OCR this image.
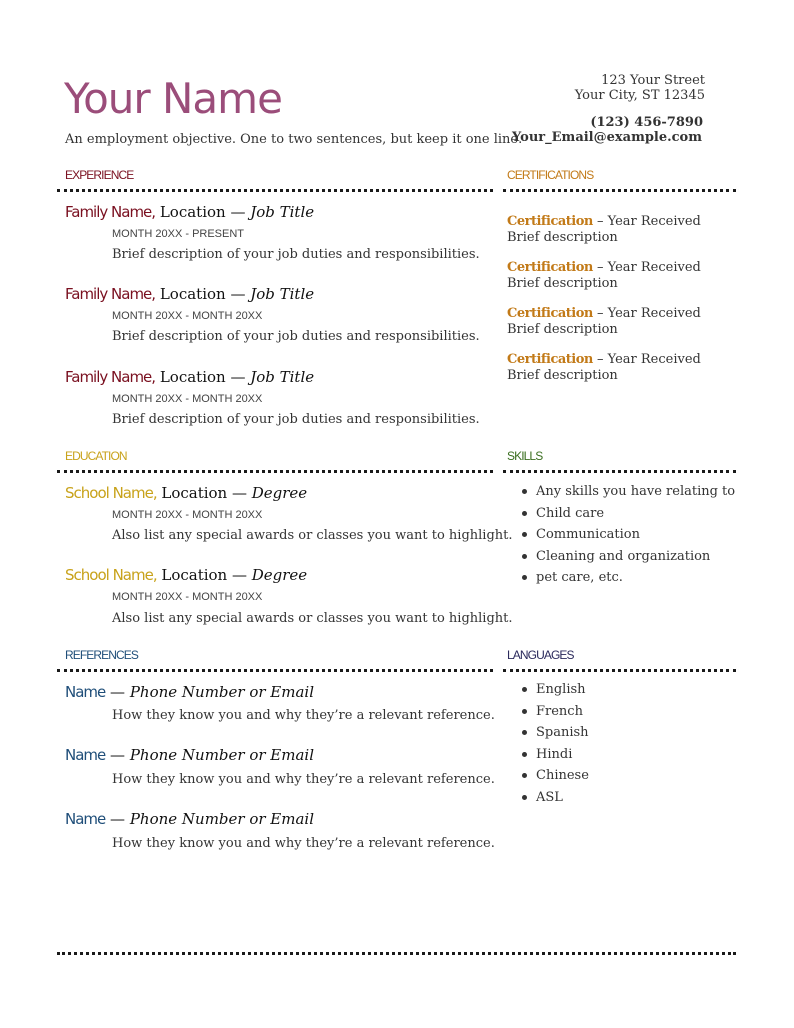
Your Name
An employment objective. One to two sentences, but keep it one line.
123 Your Street
Your City, ST 12345
(123) 456-7890
Your_Email@example.com
EXPERIENCE
Family Name, Location — Job Title
MONTH 20XX - PRESENT
Brief description of your job duties and responsibilities.
Family Name, Location — Job Title
MONTH 20XX - MONTH 20XX
Brief description of your job duties and responsibilities.
Family Name, Location — Job Title
MONTH 20XX - MONTH 20XX
Brief description of your job duties and responsibilities.
CERTIFICATIONS
Certification – Year Received
Brief description
Certification – Year Received
Brief description
Certification – Year Received
Brief description
Certification – Year Received
Brief description
EDUCATION
School Name, Location — Degree
MONTH 20XX - MONTH 20XX
Also list any special awards or classes you want to highlight.
School Name, Location — Degree
MONTH 20XX - MONTH 20XX
Also list any special awards or classes you want to highlight.
SKILLS
Any skills you have relating to
Child care
Communication
Cleaning and organization
pet care, etc.
REFERENCES
Name — Phone Number or Email
How they know you and why they’re a relevant reference.
Name — Phone Number or Email
How they know you and why they’re a relevant reference.
Name — Phone Number or Email
How they know you and why they’re a relevant reference.
LANGUAGES
English
French
Spanish
Hindi
Chinese
ASL
